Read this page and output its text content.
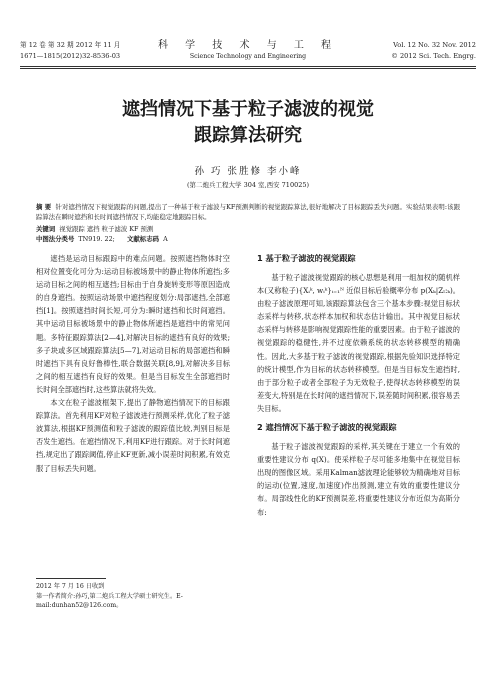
第 12 卷 第 32 期 2012 年 11 月
1671—1815(2012)32-8536-03
科 学 技 术 与 工 程
Science Technology and Engineering
Vol. 12 No. 32 Nov. 2012
© 2012 Sci. Tech. Engrg.
遮挡情况下基于粒子滤波的视觉
跟踪算法研究
孙 巧 张胜修 李小峰
(第二炮兵工程大学 304 室,西安 710025)
摘 要 针对遮挡情况下视觉跟踪的问题,提出了一种基于粒子滤波与KF预测判断的视觉跟踪算法,很好地解决了目标跟踪丢失问题。实验结果表明:该跟踪算法在瞬时遮挡和长时间遮挡情况下,均能稳定地跟踪目标。
关键词 视觉跟踪 遮挡 粒子滤波 KF 预测
中图法分类号 TN919. 22; 文献标志码 A

遮挡是运动目标跟踪中的难点问题。按照遮挡物体时空相对位置变化可分为:运动目标被场景中的静止物体所遮挡;多运动目标之间的相互遮挡;目标由于自身旋转变形等原因造成的自身遮挡。按照运动场景中遮挡程度划分:局部遮挡,全部遮挡[1]。按照遮挡时间长短,可分为:瞬时遮挡和长时间遮挡。其中运动目标被场景中的静止物体所遮挡是遮挡中的常见问题。多特征跟踪算法[2—4],对解决目标的遮挡有良好的效果;多子块或多区域跟踪算法[5—7],对运动目标的局部遮挡和瞬时遮挡下具有良好鲁棒性,联合数据关联[8,9],对解决多目标之间的相互遮挡有良好的效果。但是当目标发生全部遮挡时长时间全部遮挡时,这些算法就将失效。

本文在粒子滤波框架下,提出了静物遮挡情况下的目标跟踪算法。首先利用KF对粒子滤波进行预测采样,优化了粒子滤波算法,根据KF预测值和粒子滤波的跟踪值比较,判别目标是否发生遮挡。在遮挡情况下,利用KF进行跟踪。对于长时间遮挡,规定出了跟踪阈值,停止KF更新,减小误差时间积累,有效克服了目标丢失问题。

2012 年 7 月 16 日收到
第一作者简介:孙巧,第二炮兵工程大学硕士研究生。E-mail:dunhan52@126.com。
1 基于粒子滤波的视觉跟踪

基于粒子滤波视觉跟踪的核心思想是利用一组加权的随机样本(又称粒子){Xᵢᵏ, wᵢᵏ}ᵢ₌₁ᴺ 近似目标后验概率分布 p(Xₖ|Zₗ:ₖ)。由粒子滤波原理可知,该跟踪算法包含三个基本步骤:视觉目标状态采样与转移,状态样本加权和状态估计输出。其中视觉目标状态采样与转移是影响视觉跟踪性能的重要因素。由于粒子滤波的视觉跟踪的稳健性,并不过度依赖系统的状态转移模型的精确性。因此,大多基于粒子滤波的视觉跟踪,根据先验知识选择特定的统计模型,作为目标的状态转移模型。但是当目标发生遮挡时,由于部分粒子或者全部粒子为无效粒子,使得状态转移模型的误差变大,特别是在长时间的遮挡情况下,误差随时间积累,很容易丢失目标。

2 遮挡情况下基于粒子滤波的视觉跟踪

基于粒子滤波视觉跟踪的采样,其关键在于建立一个有效的重要性建议分布 q(X)。使采样粒子尽可能多地集中在视觉目标出现的图像区域。采用Kalman滤波理论能够较为精确地对目标的运动(位置,速度,加速度)作出预测,建立有效的重要性建议分布。局部线性化的KF预测误差,将重要性建议分布近似为高斯分布:
